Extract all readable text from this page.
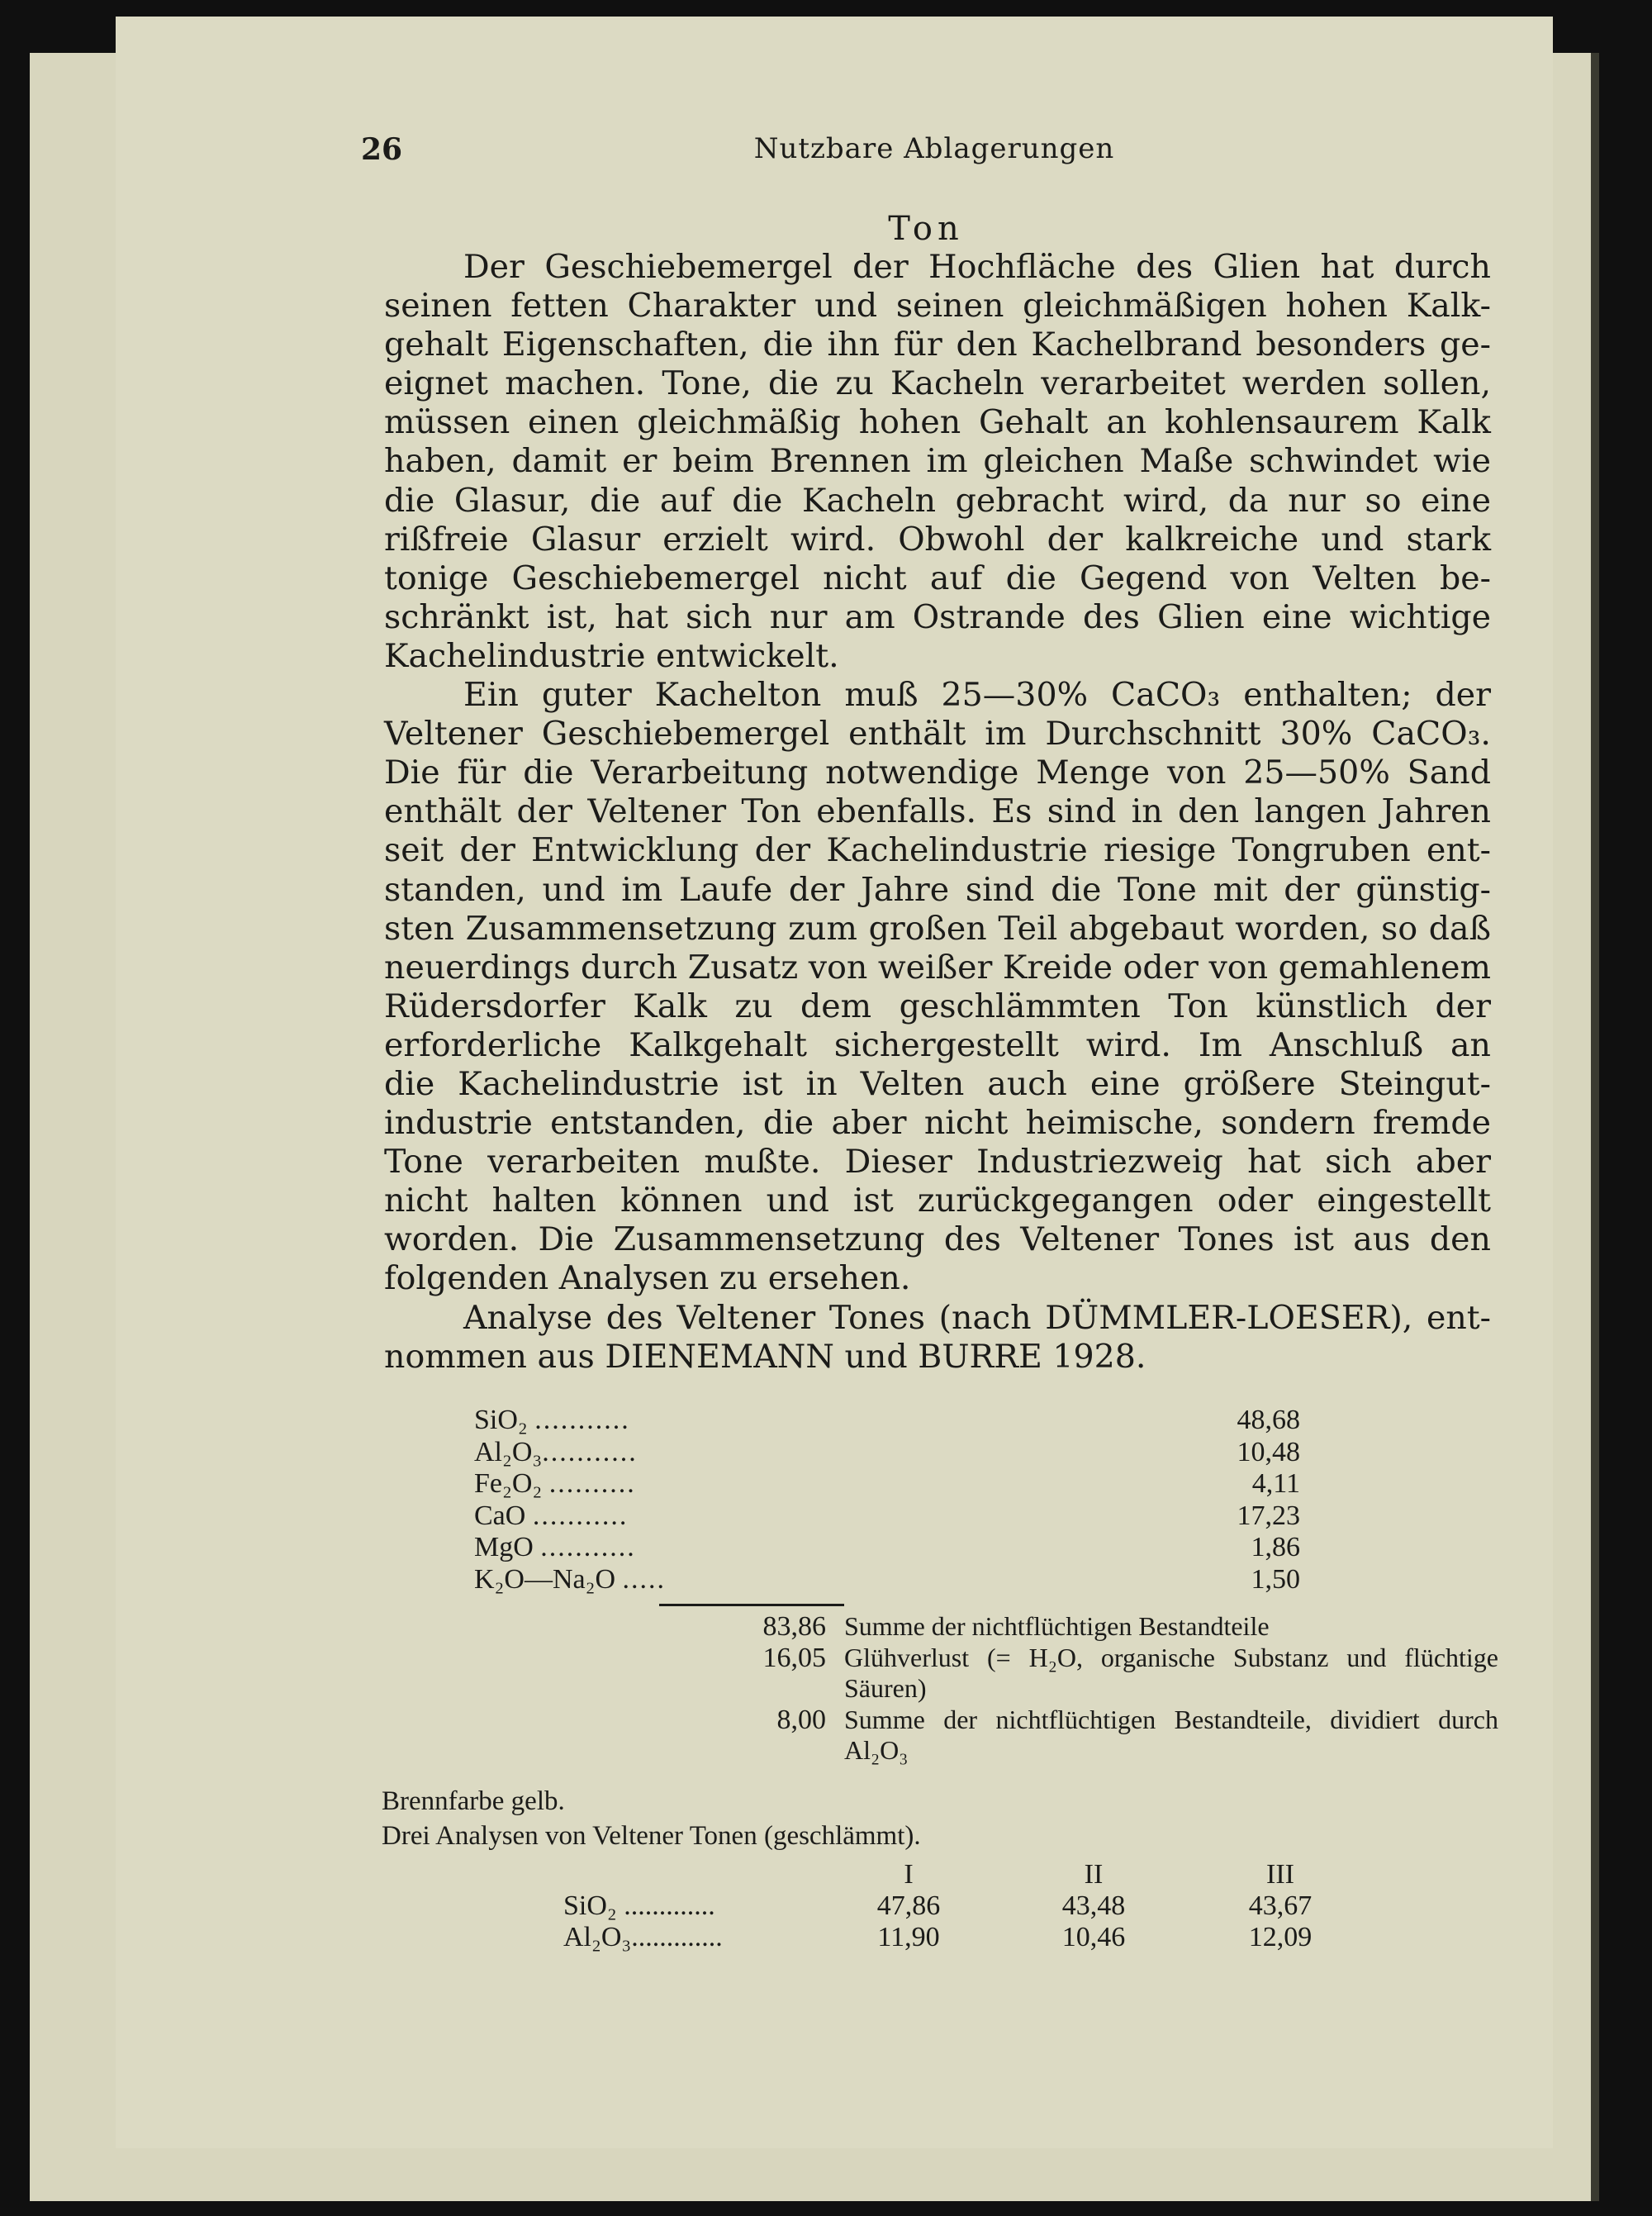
26	Nutzbare Ablagerungen
Ton
Der Geschiebemergel der Hochfläche des Glien hat durch
seinen fetten Charakter und seinen gleichmäßigen hohen Kalk-
gehalt Eigenschaften, die ihn für den Kachelbrand besonders ge-
eignet machen. Tone, die zu Kacheln verarbeitet werden sollen,
müssen einen gleichmäßig hohen Gehalt an kohlensaurem Kalk
haben, damit er beim Brennen im gleichen Maße schwindet wie
die Glasur, die auf die Kacheln gebracht wird, da nur so eine
rißfreie Glasur erzielt wird. Obwohl der kalkreiche und stark
tonige Geschiebemergel nicht auf die Gegend von Velten be-
schränkt ist, hat sich nur am Ostrande des Glien eine wichtige
Kachelindustrie entwickelt.
Ein guter Kachelton muß 25—30% CaCO₃ enthalten; der
Veltener Geschiebemergel enthält im Durchschnitt 30% CaCO₃.
Die für die Verarbeitung notwendige Menge von 25—50% Sand
enthält der Veltener Ton ebenfalls. Es sind in den langen Jahren
seit der Entwicklung der Kachelindustrie riesige Tongruben ent-
standen, und im Laufe der Jahre sind die Tone mit der günstig-
sten Zusammensetzung zum großen Teil abgebaut worden, so daß
neuerdings durch Zusatz von weißer Kreide oder von gemahlenem
Rüdersdorfer Kalk zu dem geschlämmten Ton künstlich der
erforderliche Kalkgehalt sichergestellt wird. Im Anschluß an
die Kachelindustrie ist in Velten auch eine größere Steingut-
industrie entstanden, die aber nicht heimische, sondern fremde
Tone verarbeiten mußte. Dieser Industriezweig hat sich aber
nicht halten können und ist zurückgegangen oder eingestellt
worden. Die Zusammensetzung des Veltener Tones ist aus den
folgenden Analysen zu ersehen.
Analyse des Veltener Tones (nach DÜMMLER-LOESER), ent-
nommen aus DIENEMANN und BURRE 1928.
SiO₂ ...........	48,68
Al₂O₃...........	10,48
Fe₂O₂ ..........	4,11
CaO ...........	17,23
MgO ...........	1,86
K₂O—Na₂O .....	1,50
83,86 Summe der nichtflüchtigen Bestandteile
16,05 Glühverlust (= H₂O, organische Substanz und flüchtige Säuren)
8,00 Summe der nichtflüchtigen Bestandteile, dividiert durch Al₂O₃
Brennfarbe gelb.
Drei Analysen von Veltener Tonen (geschlämmt).
I	II	III
SiO₂ .............	47,86	43,48	43,67
Al₂O₃.............	11,90	10,46	12,09
